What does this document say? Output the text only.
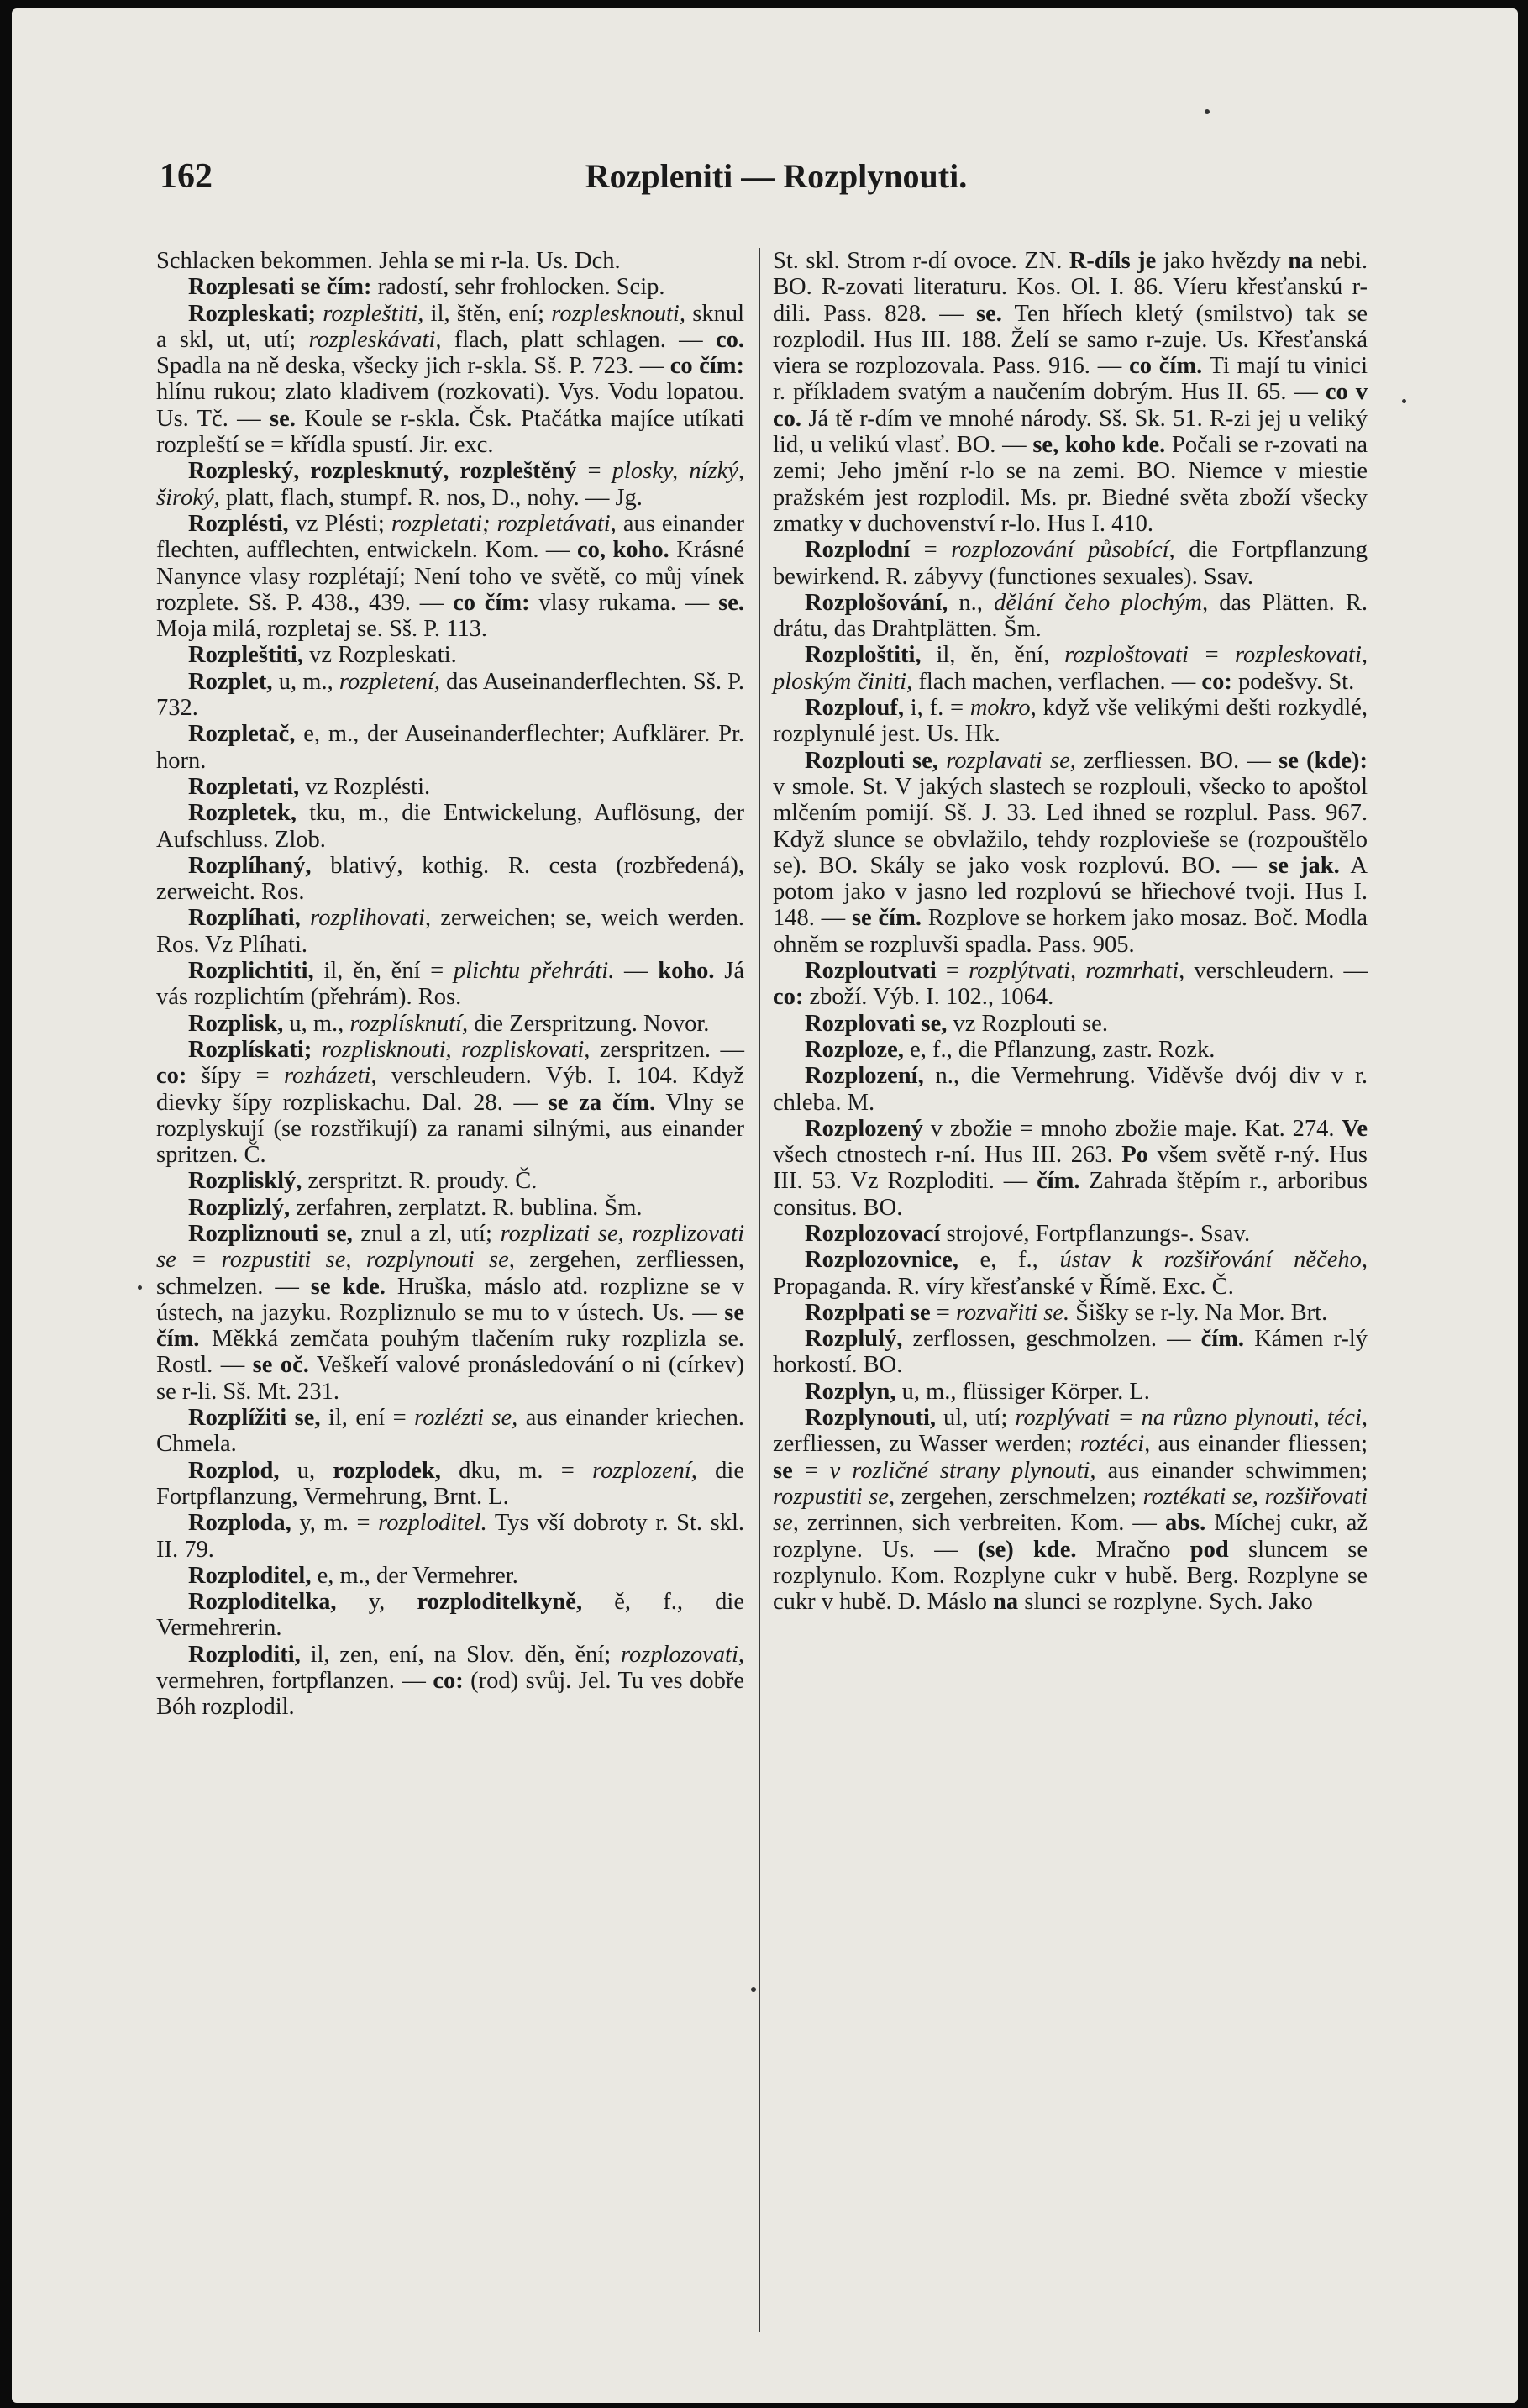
162	Rozpleniti — Rozplynouti.

Schlacken bekommen. Jehla se mi r-la. Us. Dch.

Rozplesati se čím: radostí, sehr frohlocken. Scip.

Rozpleskati; rozpleštiti, il, štěn, ení; rozplesknouti, sknul a skl, ut, utí; rozpleskávati, flach, platt schlagen. — co. Spadla na ně deska, všecky jich r-skla. Sš. P. 723. — co čím: hlínu rukou; zlato kladivem (rozkovati). Vys. Vodu lopatou. Us. Tč. — se. Koule se r-skla. Čsk. Ptačátka majíce utíkati rozpleští se = křídla spustí. Jir. exc.

Rozpleský, rozplesknutý, rozpleštěný = plosky, nízký, široký, platt, flach, stumpf. R. nos, D., nohy. — Jg.

Rozplésti, vz Plésti; rozpletati; rozpletávati, aus einander flechten, aufflechten, entwickeln. Kom. — co, koho. Krásné Nanynce vlasy rozplétají; Není toho ve světě, co můj vínek rozplete. Sš. P. 438., 439. — co čím: vlasy rukama. — se. Moja milá, rozpletaj se. Sš. P. 113.

Rozpleštiti, vz Rozpleskati.

Rozplet, u, m., rozpletení, das Auseinanderflechten. Sš. P. 732.

Rozpletač, e, m., der Auseinanderflechter; Aufklärer. Pr. horn.

Rozpletati, vz Rozplésti.

Rozpletek, tku, m., die Entwickelung, Auflösung, der Aufschluss. Zlob.

Rozplíhaný, blativý, kothig. R. cesta (rozbředená), zerweicht. Ros.

Rozplíhati, rozplihovati, zerweichen; se, weich werden. Ros. Vz Plíhati.

Rozplichtiti, il, ěn, ění = plichtu přehráti. — koho. Já vás rozplichtím (přehrám). Ros.

Rozplisk, u, m., rozplísknutí, die Zerspritzung. Novor.

Rozplískati; rozplisknouti, rozpliskovati, zerspritzen. — co: šípy = rozházeti, verschleudern. Výb. I. 104. Když dievky šípy rozpliskachu. Dal. 28. — se za čím. Vlny se rozplyskují (se rozstřikují) za ranami silnými, aus einander spritzen. Č.

Rozplisklý, zerspritzt. R. proudy. Č.

Rozplizlý, zerfahren, zerplatzt. R. bublina. Šm.

Rozpliznouti se, znul a zl, utí; rozplizati se, rozplizovati se = rozpustiti se, rozplynouti se, zergehen, zerfliessen, schmelzen. — se kde. Hruška, máslo atd. rozplizne se v ústech, na jazyku. Rozpliznulo se mu to v ústech. Us. — se čím. Měkká zemčata pouhým tlačením ruky rozplizla se. Rostl. — se oč. Veškeří valové pronásledování o ni (církev) se r-li. Sš. Mt. 231.

Rozplížiti se, il, ení = rozlézti se, aus einander kriechen. Chmela.

Rozplod, u, rozplodek, dku, m. = rozplození, die Fortpflanzung, Vermehrung, Brnt. L.

Rozploda, y, m. = rozploditel. Tys vší dobroty r. St. skl. II. 79.

Rozploditel, e, m., der Vermehrer.

Rozploditelka, y, rozploditelkyně, ě, f., die Vermehrerin.

Rozploditi, il, zen, ení, na Slov. děn, ění; rozplozovati, vermehren, fortpflanzen. — co: (rod) svůj. Jel. Tu ves dobře Bóh rozplodil.

St. skl. Strom r-dí ovoce. ZN. R-díls je jako hvězdy na nebi. BO. R-zovati literaturu. Kos. Ol. I. 86. Víeru křesťanskú r-dili. Pass. 828. — se. Ten hříech kletý (smilstvo) tak se rozplodil. Hus III. 188. Želí se samo r-zuje. Us. Křesťanská viera se rozplozovala. Pass. 916. — co čím. Ti mají tu vinici r. příkladem svatým a naučením dobrým. Hus II. 65. — co v co. Já tě r-dím ve mnohé národy. Sš. Sk. 51. R-zi jej u veliký lid, u velikú vlasť. BO. — se, koho kde. Počali se r-zovati na zemi; Jeho jmění r-lo se na zemi. BO. Niemce v miestie pražském jest rozplodil. Ms. pr. Biedné světa zboží všecky zmatky v duchovenství r-lo. Hus I. 410.

Rozplodní = rozplozování působící, die Fortpflanzung bewirkend. R. zábyvy (functiones sexuales). Ssav.

Rozplošování, n., dělání čeho plochým, das Plätten. R. drátu, das Drahtplätten. Šm.

Rozploštiti, il, ěn, ění, rozploštovati = rozpleskovati, ploským činiti, flach machen, verflachen. — co: podešvy. St.

Rozplouf, i, f. = mokro, když vše velikými dešti rozkydlé, rozplynulé jest. Us. Hk.

Rozplouti se, rozplavati se, zerfliessen. BO. — se (kde): v smole. St. V jakých slastech se rozplouli, všecko to apoštol mlčením pomijí. Sš. J. 33. Led ihned se rozplul. Pass. 967. Když slunce se obvlažilo, tehdy rozplovieše se (rozpouštělo se). BO. Skály se jako vosk rozplovú. BO. — se jak. A potom jako v jasno led rozplovú se hřiechové tvoji. Hus I. 148. — se čím. Rozplove se horkem jako mosaz. Boč. Modla ohněm se rozpluvši spadla. Pass. 905.

Rozploutvati = rozplýtvati, rozmrhati, verschleudern. — co: zboží. Výb. I. 102., 1064.

Rozplovati se, vz Rozplouti se.

Rozploze, e, f., die Pflanzung, zastr. Rozk.

Rozplození, n., die Vermehrung. Viděvše dvój div v r. chleba. M.

Rozplozený v zbožie = mnoho zbožie maje. Kat. 274. Ve všech ctnostech r-ní. Hus III. 263. Po všem světě r-ný. Hus III. 53. Vz Rozploditi. — čím. Zahrada štěpím r., arboribus consitus. BO.

Rozplozovací strojové, Fortpflanzungs-. Ssav.

Rozplozovnice, e, f., ústav k rozšiřování něčeho, Propaganda. R. víry křesťanské v Římě. Exc. Č.

Rozplpati se = rozvařiti se. Šišky se r-ly. Na Mor. Brt.

Rozplulý, zerflossen, geschmolzen. — čím. Kámen r-lý horkostí. BO.

Rozplyn, u, m., flüssiger Körper. L.

Rozplynouti, ul, utí; rozplývati = na různo plynouti, téci, zerfliessen, zu Wasser werden; roztéci, aus einander fliessen; se = v rozličné strany plynouti, aus einander schwimmen; rozpustiti se, zergehen, zerschmelzen; roztékati se, rozšiřovati se, zerrinnen, sich verbreiten. Kom. — abs. Míchej cukr, až rozplyne. Us. — (se) kde. Mračno pod sluncem se rozplynulo. Kom. Rozplyne cukr v hubě. Berg. Rozplyne se cukr v hubě. D. Máslo na slunci se rozplyne. Sych. Jako
